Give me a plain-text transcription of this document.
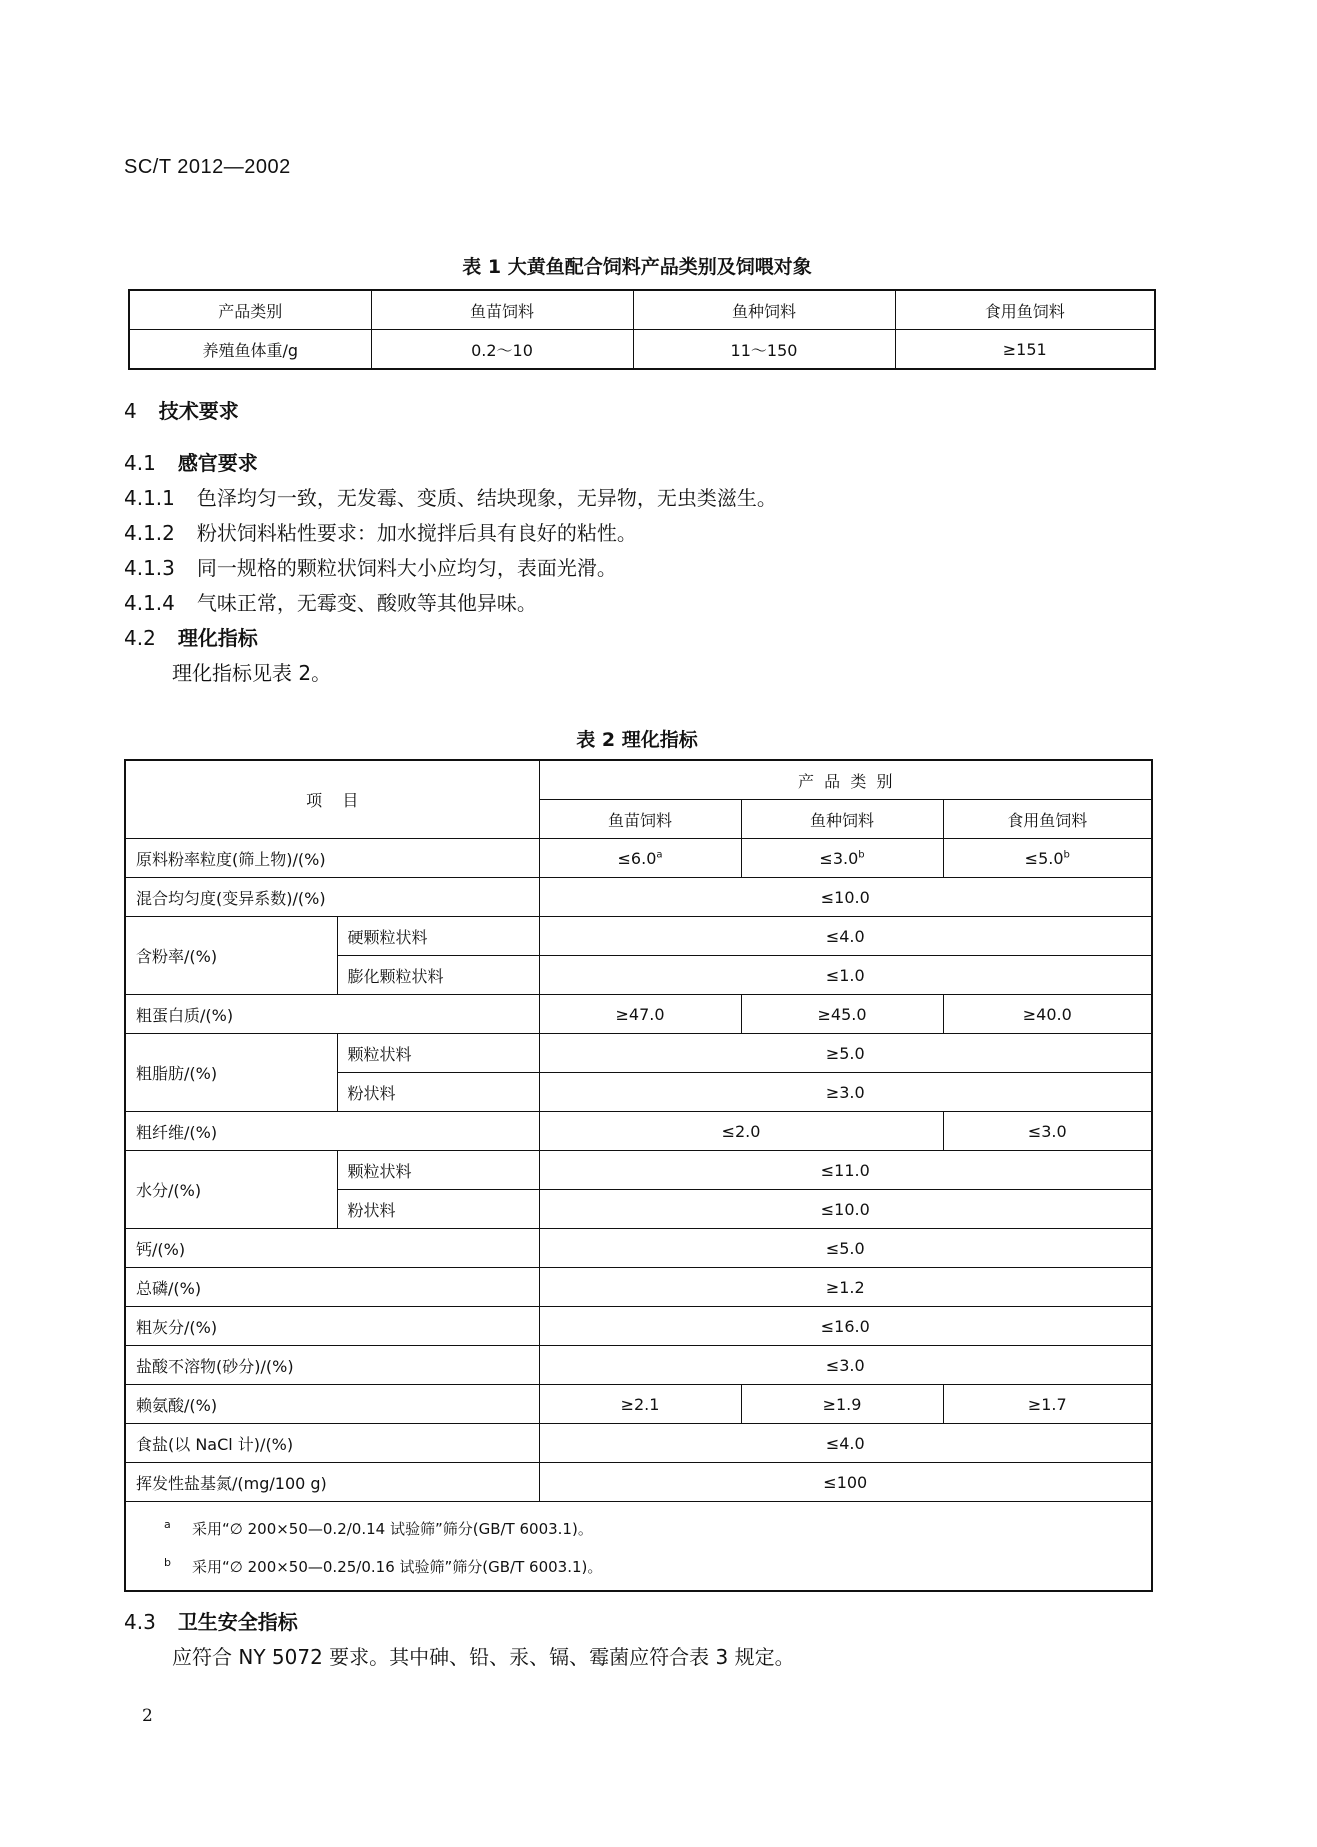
SC/T 2012—2002
表 1 大黄鱼配合饲料产品类别及饲喂对象
产品类别	鱼苗饲料	鱼种饲料	食用鱼饲料
养殖鱼体重/g	0.2～10	11～150	≥151
4 技术要求
4.1 感官要求
4.1.1 色泽均匀一致，无发霉、变质、结块现象，无异物，无虫类滋生。
4.1.2 粉状饲料粘性要求：加水搅拌后具有良好的粘性。
4.1.3 同一规格的颗粒状饲料大小应均匀，表面光滑。
4.1.4 气味正常，无霉变、酸败等其他异味。
4.2 理化指标
理化指标见表 2。
表 2 理化指标
项    目		产  品  类  别		
		鱼苗饲料	鱼种饲料	食用鱼饲料
原料粉率粒度(筛上物)/(%)		≤6.0$^a$	≤3.0$^b$	≤5.0$^b$
混合均匀度(变异系数)/(%)		≤10.0		
含粉率/(%)	硬颗粒状料	≤4.0		
	膨化颗粒状料	≤1.0		
粗蛋白质/(%)		≥47.0	≥45.0	≥40.0
粗脂肪/(%)	颗粒状料	≥5.0		
	粉状料	≥3.0		
粗纤维/(%)		≤2.0		≤3.0
水分/(%)	颗粒状料	≤11.0		
	粉状料	≤10.0		
钙/(%)		≤5.0		
总磷/(%)		≥1.2		
粗灰分/(%)		≤16.0		
盐酸不溶物(砂分)/(%)		≤3.0		
赖氨酸/(%)		≥2.1	≥1.9	≥1.7
食盐(以 NaCl 计)/(%)		≤4.0		
挥发性盐基氮/(mg/100 g)		≤100		

a 采用“∅ 200×50—0.2/0.14 试验筛”筛分(GB/T 6003.1)。
b 采用“∅ 200×50—0.25/0.16 试验筛”筛分(GB/T 6003.1)。				
4.3 卫生安全指标
应符合 NY 5072 要求。其中砷、铅、汞、镉、霉菌应符合表 3 规定。
2
